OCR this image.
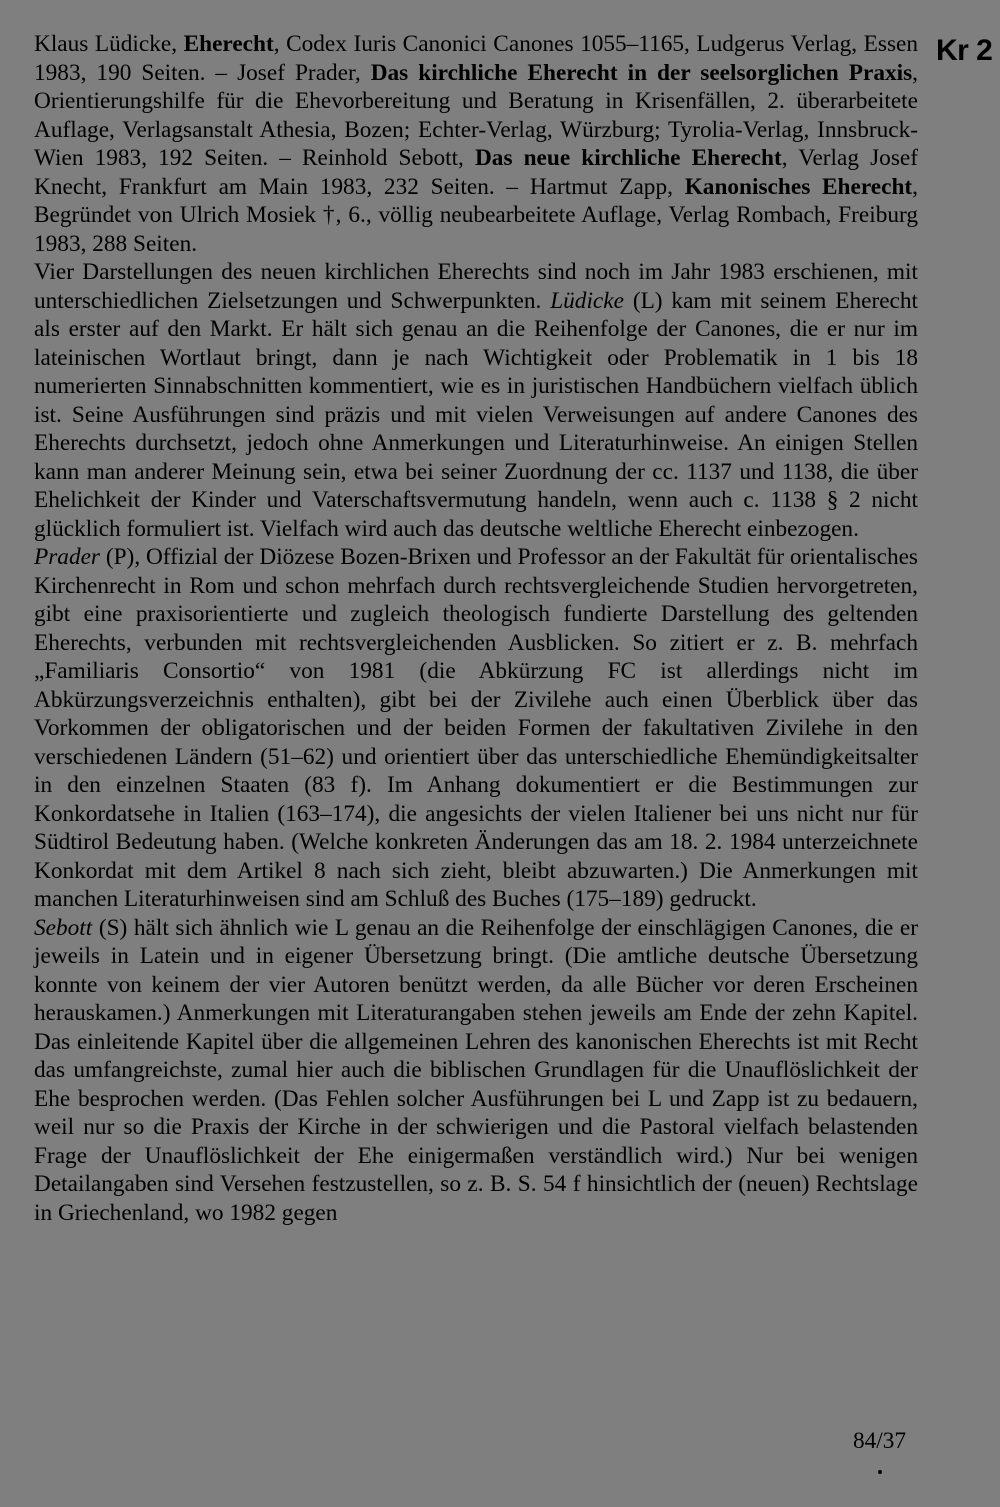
Kr 2

Klaus Lüdicke, Eherecht, Codex Iuris Canonici Canones 1055–1165, Ludgerus Verlag, Essen 1983, 190 Seiten. – Josef Prader, Das kirchliche Eherecht in der seelsorglichen Praxis, Orientierungshilfe für die Ehevorbereitung und Beratung in Krisenfällen, 2. überarbeitete Auflage, Verlagsanstalt Athesia, Bozen; Echter-Verlag, Würzburg; Tyrolia-Verlag, Innsbruck-Wien 1983, 192 Seiten. – Reinhold Sebott, Das neue kirchliche Eherecht, Verlag Josef Knecht, Frankfurt am Main 1983, 232 Seiten. – Hartmut Zapp, Kanonisches Eherecht, Begründet von Ulrich Mosiek †, 6., völlig neubearbeitete Auflage, Verlag Rombach, Freiburg 1983, 288 Seiten.

Vier Darstellungen des neuen kirchlichen Eherechts sind noch im Jahr 1983 erschienen, mit unterschiedlichen Zielsetzungen und Schwerpunkten. Lüdicke (L) kam mit seinem Eherecht als erster auf den Markt. Er hält sich genau an die Reihenfolge der Canones, die er nur im lateinischen Wortlaut bringt, dann je nach Wichtigkeit oder Problematik in 1 bis 18 numerierten Sinnabschnitten kommentiert, wie es in juristischen Handbüchern vielfach üblich ist. Seine Ausführungen sind präzis und mit vielen Verweisungen auf andere Canones des Eherechts durchsetzt, jedoch ohne Anmerkungen und Literaturhinweise. An einigen Stellen kann man anderer Meinung sein, etwa bei seiner Zuordnung der cc. 1137 und 1138, die über Ehelichkeit der Kinder und Vaterschaftsvermutung handeln, wenn auch c. 1138 § 2 nicht glücklich formuliert ist. Vielfach wird auch das deutsche weltliche Eherecht einbezogen.

Prader (P), Offizial der Diözese Bozen-Brixen und Professor an der Fakultät für orientalisches Kirchenrecht in Rom und schon mehrfach durch rechtsvergleichende Studien hervorgetreten, gibt eine praxisorientierte und zugleich theologisch fundierte Darstellung des geltenden Eherechts, verbunden mit rechtsvergleichenden Ausblicken. So zitiert er z. B. mehrfach „Familiaris Consortio“ von 1981 (die Abkürzung FC ist allerdings nicht im Abkürzungsverzeichnis enthalten), gibt bei der Zivilehe auch einen Überblick über das Vorkommen der obligatorischen und der beiden Formen der fakultativen Zivilehe in den verschiedenen Ländern (51–62) und orientiert über das unterschiedliche Ehemündigkeitsalter in den einzelnen Staaten (83 f). Im Anhang dokumentiert er die Bestimmungen zur Konkordatsehe in Italien (163–174), die angesichts der vielen Italiener bei uns nicht nur für Südtirol Bedeutung haben. (Welche konkreten Änderungen das am 18. 2. 1984 unterzeichnete Konkordat mit dem Artikel 8 nach sich zieht, bleibt abzuwarten.) Die Anmerkungen mit manchen Literaturhinweisen sind am Schluß des Buches (175–189) gedruckt.

Sebott (S) hält sich ähnlich wie L genau an die Reihenfolge der einschlägigen Canones, die er jeweils in Latein und in eigener Übersetzung bringt. (Die amtliche deutsche Übersetzung konnte von keinem der vier Autoren benützt werden, da alle Bücher vor deren Erscheinen herauskamen.) Anmerkungen mit Literaturangaben stehen jeweils am Ende der zehn Kapitel. Das einleitende Kapitel über die allgemeinen Lehren des kanonischen Eherechts ist mit Recht das umfangreichste, zumal hier auch die biblischen Grundlagen für die Unauflöslichkeit der Ehe besprochen werden. (Das Fehlen solcher Ausführungen bei L und Zapp ist zu bedauern, weil nur so die Praxis der Kirche in der schwierigen und die Pastoral vielfach belastenden Frage der Unauflöslichkeit der Ehe einigermaßen verständlich wird.) Nur bei wenigen Detailangaben sind Versehen festzustellen, so z. B. S. 54 f hinsichtlich der (neuen) Rechtslage in Griechenland, wo 1982 gegen

84/37
